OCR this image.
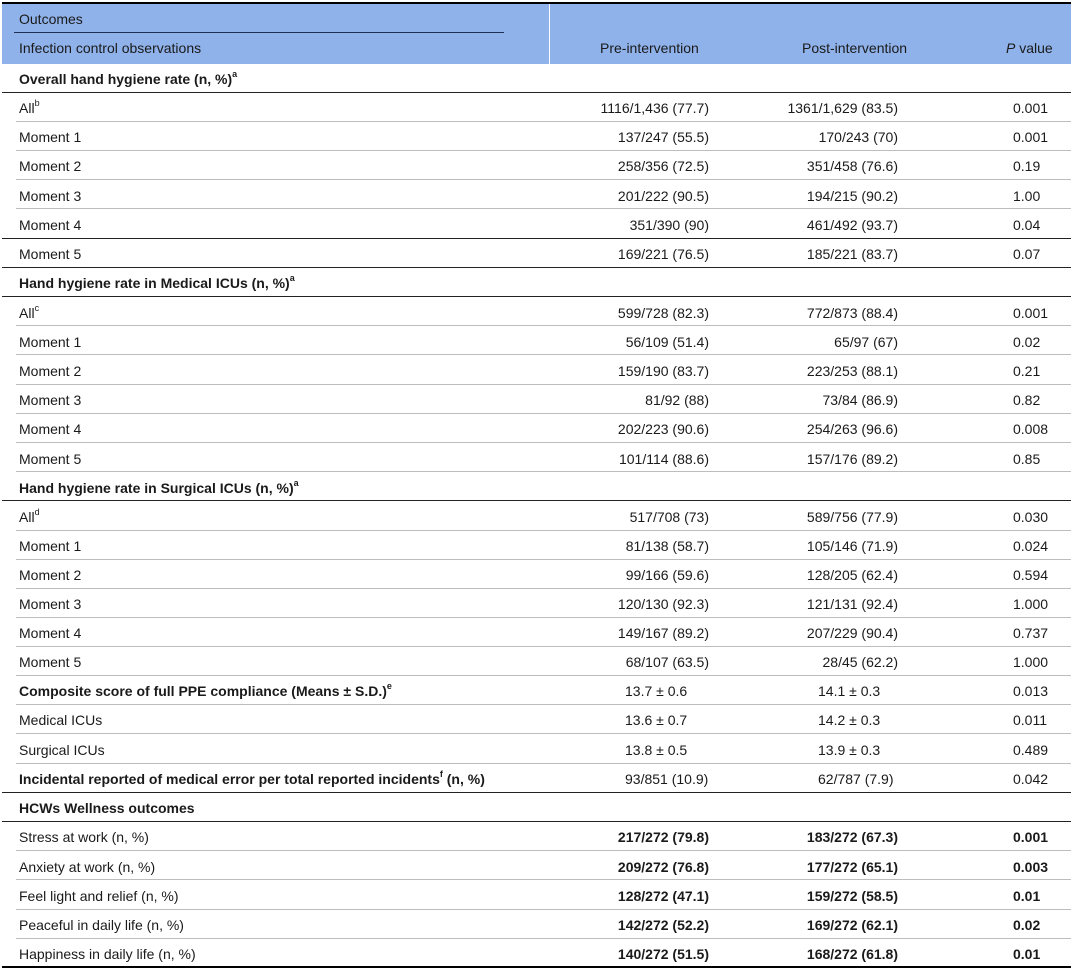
Outcomes
Infection control observations	Pre-intervention	Post-intervention	P value
Overall hand hygiene rate (n, %)$^a$
All$^b$	1116/1,436 (77.7)	1361/1,629 (83.5)	0.001
Moment 1	137/247 (55.5)	170/243 (70)	0.001
Moment 2	258/356 (72.5)	351/458 (76.6)	0.19
Moment 3	201/222 (90.5)	194/215 (90.2)	1.00
Moment 4	351/390 (90)	461/492 (93.7)	0.04
Moment 5	169/221 (76.5)	185/221 (83.7)	0.07
Hand hygiene rate in Medical ICUs (n, %)$^a$
All$^c$	599/728 (82.3)	772/873 (88.4)	0.001
Moment 1	56/109 (51.4)	65/97 (67)	0.02
Moment 2	159/190 (83.7)	223/253 (88.1)	0.21
Moment 3	81/92 (88)	73/84 (86.9)	0.82
Moment 4	202/223 (90.6)	254/263 (96.6)	0.008
Moment 5	101/114 (88.6)	157/176 (89.2)	0.85
Hand hygiene rate in Surgical ICUs (n, %)$^a$
All$^d$	517/708 (73)	589/756 (77.9)	0.030
Moment 1	81/138 (58.7)	105/146 (71.9)	0.024
Moment 2	99/166 (59.6)	128/205 (62.4)	0.594
Moment 3	120/130 (92.3)	121/131 (92.4)	1.000
Moment 4	149/167 (89.2)	207/229 (90.4)	0.737
Moment 5	68/107 (63.5)	28/45 (62.2)	1.000
Composite score of full PPE compliance (Means ± S.D.)$^e$	13.7 ± 0.6	14.1 ± 0.3	0.013
Medical ICUs	13.6 ± 0.7	14.2 ± 0.3	0.011
Surgical ICUs	13.8 ± 0.5	13.9 ± 0.3	0.489
Incidental reported of medical error per total reported incidents$^f$ (n, %)	93/851 (10.9)	62/787 (7.9)	0.042
HCWs Wellness outcomes
Stress at work (n, %)	217/272 (79.8)	183/272 (67.3)	0.001
Anxiety at work (n, %)	209/272 (76.8)	177/272 (65.1)	0.003
Feel light and relief (n, %)	128/272 (47.1)	159/272 (58.5)	0.01
Peaceful in daily life (n, %)	142/272 (52.2)	169/272 (62.1)	0.02
Happiness in daily life (n, %)	140/272 (51.5)	168/272 (61.8)	0.01
